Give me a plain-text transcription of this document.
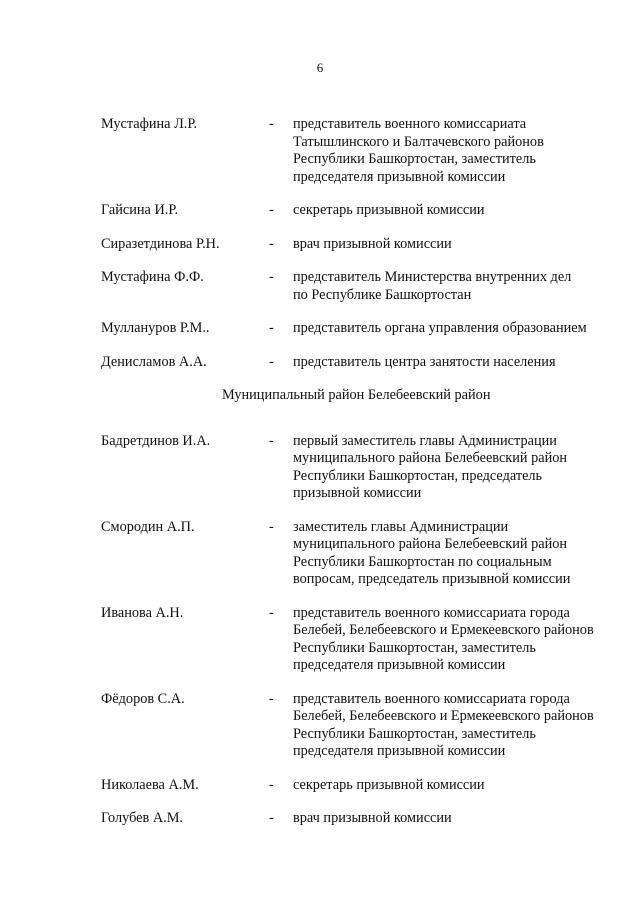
6
Мустафина Л.Р.	-	представитель военного комиссариата
Татышлинского и Балтачевского районов
Республики Башкортостан, заместитель
председателя призывной комиссии
Гайсина И.Р.	-	секретарь призывной комиссии
Сиразетдинова Р.Н.	-	врач призывной комиссии
Мустафина Ф.Ф.	-	представитель Министерства внутренних дел
по Республике Башкортостан
Муллануров Р.М..	-	представитель органа управления образованием
Денисламов А.А.	-	представитель центра занятости населения
Муниципальный район Белебеевский район
Бадретдинов И.А.	-	первый заместитель главы Администрации
муниципального района Белебеевский район
Республики Башкортостан, председатель
призывной комиссии
Смородин А.П.	-	заместитель главы Администрации
муниципального района Белебеевский район
Республики Башкортостан по социальным
вопросам, председатель призывной комиссии
Иванова А.Н.	-	представитель военного комиссариата города
Белебей, Белебеевского и Ермекеевского районов
Республики Башкортостан, заместитель
председателя призывной комиссии
Фёдоров С.А.	-	представитель военного комиссариата города
Белебей, Белебеевского и Ермекеевского районов
Республики Башкортостан, заместитель
председателя призывной комиссии
Николаева А.М.	-	секретарь призывной комиссии
Голубев А.М.	-	врач призывной комиссии
